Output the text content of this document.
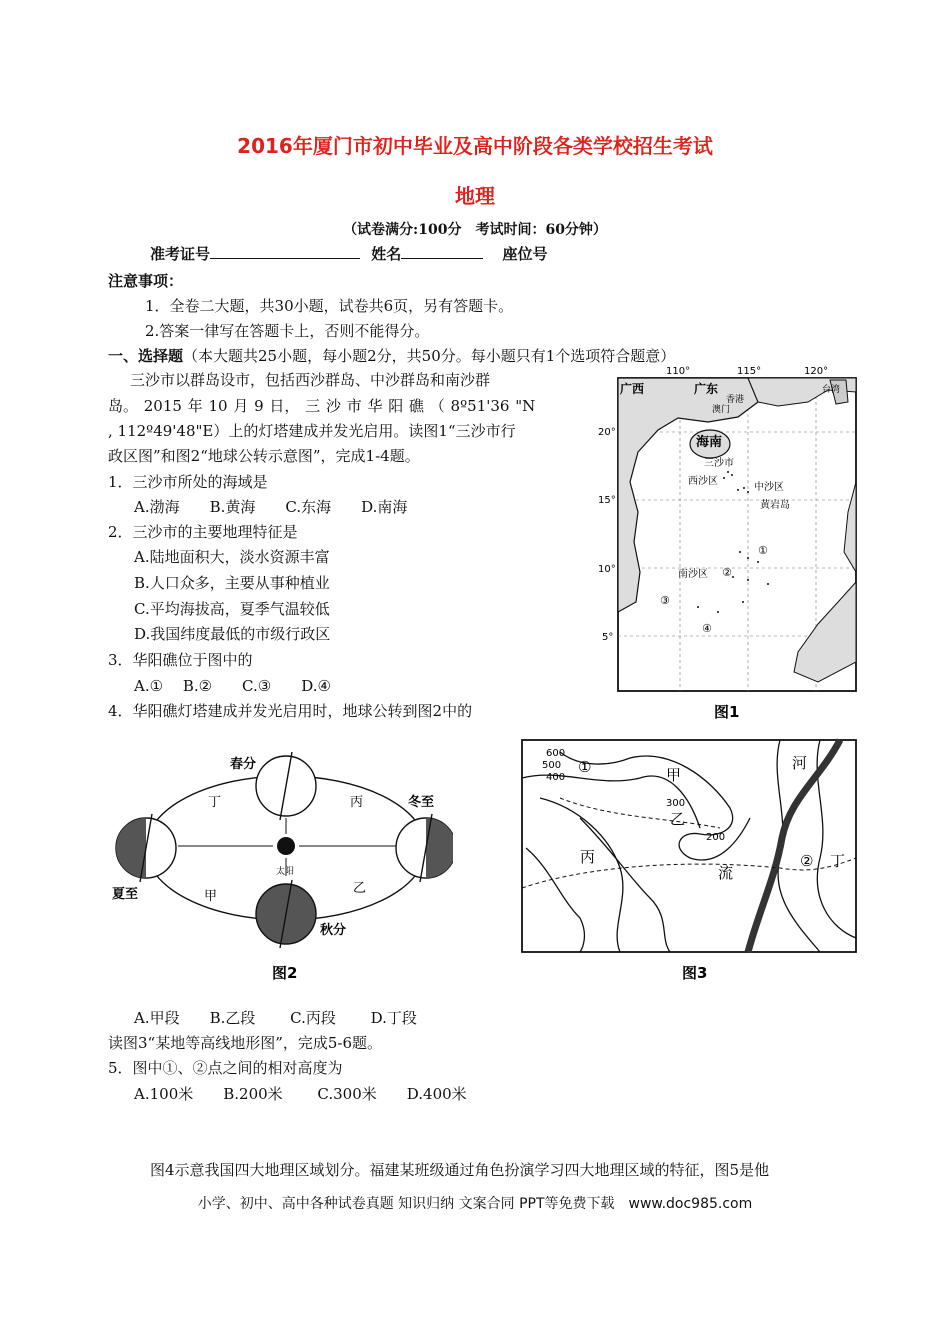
2016年厦门市初中毕业及高中阶段各类学校招生考试
地理
（试卷满分:100分　考试时间：60分钟）
准考证号	姓名	座位号
注意事项：
1．全卷二大题，共30小题，试卷共6页，另有答题卡。
2.答案一律写在答题卡上，否则不能得分。
一、选择题（本大题共25小题，每小题2分，共50分。每小题只有1个选项符合题意）
三沙市以群岛设市，包括西沙群岛、中沙群岛和南沙群
岛。 2015 年 10 月 9 日， 三 沙 市 华 阳 礁 （ 8º51'36 "N
, 112º49'48"E）上的灯塔建成并发光启用。读图1“三沙市行
政区图”和图2“地球公转示意图”，完成1-4题。
1．三沙市所处的海域是
A.渤海　　B.黄海　　C.东海　　D.南海
2．三沙市的主要地理特征是
A.陆地面积大，淡水资源丰富
B.人口众多，主要从事种植业
C.平均海拔高，夏季气温较低
D.我国纬度最低的市级行政区
3．华阳礁位于图中的
A.①　 B.②　　C.③　　D.④
4．华阳礁灯塔建成并发光启用时，地球公转到图2中的
110°	115°	120°
20°
15°
10°
5°
广西	广东
香港
澳门
台湾
海南
三沙市
西沙区
中沙区
黄岩岛
南沙区
①
②
③
④
图1
太阳
春分
夏至
秋分
冬至
甲
乙
丙
丁
图2
600
500
400
300
200
①
②
甲
乙
丙	丁
河
流
图3
A.甲段　　B.乙段　　 C.丙段　　 D.丁段
读图3“某地等高线地形图”，完成5-6题。
5．图中①、②点之间的相对高度为
A.100米　　B.200米　　 C.300米　　D.400米
图4示意我国四大地理区域划分。福建某班级通过角色扮演学习四大地理区域的特征，图5是他
小学、初中、高中各种试卷真题 知识归纳 文案合同 PPT等免费下载　www.doc985.com
